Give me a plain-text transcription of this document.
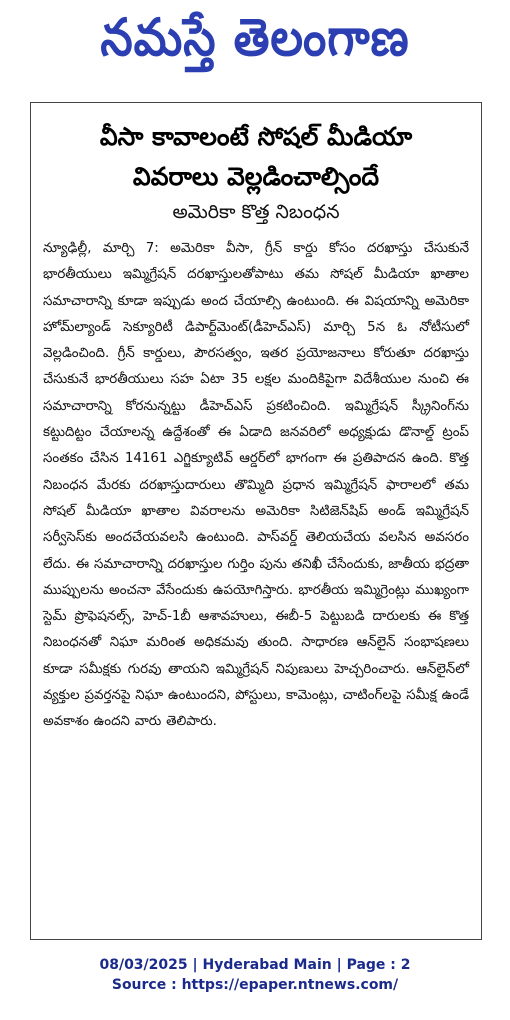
నమస్తే తెలంగాణ
వీసా కావాలంటే సోషల్ మీడియా
వివరాలు వెల్లడించాల్సిందే
అమెరికా కొత్త నిబంధన
న్యూఢిల్లీ, మార్చి 7: అమెరికా వీసా, గ్రీన్ కార్డు కోసం దరఖాస్తు చేసుకునే భారతీయులు ఇమ్మిగ్రేషన్ దరఖాస్తులతోపాటు తమ సోషల్ మీడియా ఖాతాల సమాచారాన్ని కూడా ఇప్పుడు అంద చేయాల్సి ఉంటుంది. ఈ విషయాన్ని అమెరికా హోమ్‌ల్యాండ్ సెక్యూరిటీ డిపార్ట్‌మెంట్(డీహెచ్‌ఎస్) మార్చి 5న ఓ నోటీసులో వెల్లడించింది. గ్రీన్ కార్డులు, పౌరసత్వం, ఇతర ప్రయోజనాలు కోరుతూ దరఖాస్తు చేసుకునే భారతీయులు సహ ఏటా 35 లక్షల మందికిపైగా విదేశీయుల నుంచి ఈ సమాచారాన్ని కోరనున్నట్టు డీహెచ్‌ఎస్ ప్రకటించింది. ఇమ్మిగ్రేషన్ స్క్రీనింగ్‌ను కట్టుదిట్టం చేయాలన్న ఉద్దేశంతో ఈ ఏడాది జనవరిలో అధ్యక్షుడు డొనాల్డ్ ట్రంప్ సంతకం చేసిన 14161 ఎగ్జిక్యూటివ్ ఆర్డర్‌లో భాగంగా ఈ ప్రతిపాదన ఉంది. కొత్త నిబంధన మేరకు దరఖాస్తుదారులు తొమ్మిది ప్రధాన ఇమ్మిగ్రేషన్ ఫారాలలో తమ సోషల్ మీడియా ఖాతాల వివరాలను అమెరికా సిటిజెన్‌షిప్ అండ్ ఇమ్మిగ్రేషన్ సర్వీసెస్‌కు అందచేయవలసి ఉంటుంది. పాస్‌వర్డ్ తెలియచేయ వలసిన అవసరం లేదు. ఈ సమాచారాన్ని దరఖాస్తుల గుర్తిం పును తనిఖీ చేసేందుకు, జాతీయ భద్రతా ముప్పులను అంచనా వేసేందుకు ఉపయోగిస్తారు. భారతీయ ఇమ్మిగ్రెంట్లు ముఖ్యంగా స్టెమ్ ప్రొఫెషనల్స్, హెచ్-1బీ ఆశావహులు, ఈబీ-5 పెట్టుబడి దారులకు ఈ కొత్త నిబంధనతో నిఘా మరింత అధికమవు తుంది. సాధారణ ఆన్‌లైన్ సంభాషణలు కూడా సమీక్షకు గురవు తాయని ఇమ్మిగ్రేషన్ నిపుణులు హెచ్చరించారు. ఆన్‌లైన్‌లో వ్యక్తుల ప్రవర్తనపై నిఘా ఉంటుందని, పోస్టులు, కామెంట్లు, చాటింగ్‌లపై సమీక్ష ఉండే అవకాశం ఉందని వారు తెలిపారు.
08/03/2025 | Hyderabad Main | Page : 2
Source : https://epaper.ntnews.com/
